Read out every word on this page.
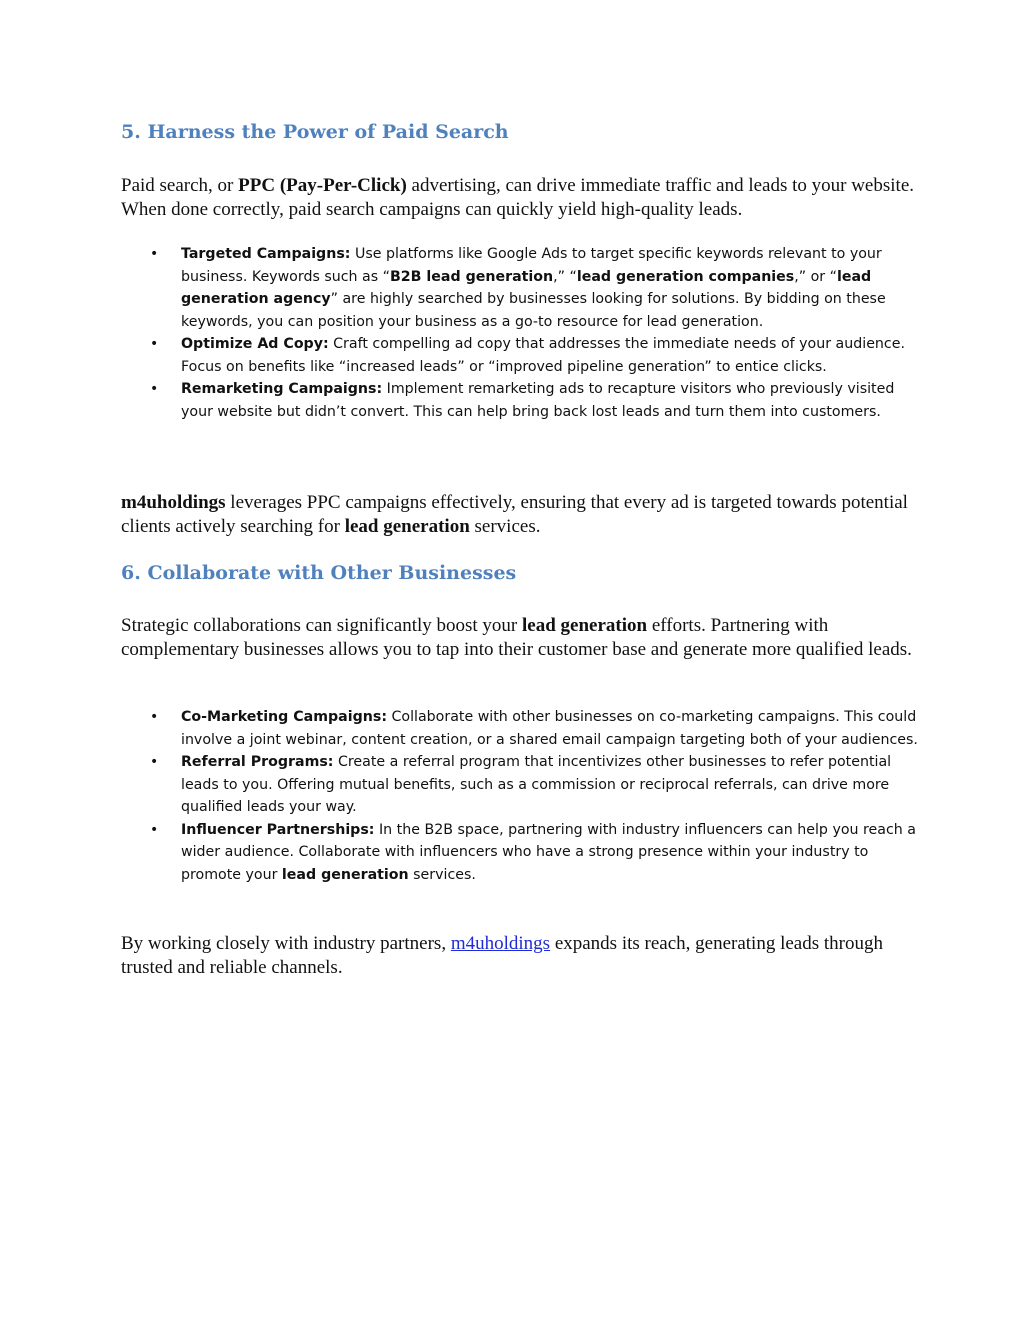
5. Harness the Power of Paid Search

Paid search, or PPC (Pay-Per-Click) advertising, can drive immediate traffic and leads to your website. When done correctly, paid search campaigns can quickly yield high-quality leads.

• Targeted Campaigns: Use platforms like Google Ads to target specific keywords relevant to your business. Keywords such as “B2B lead generation,” “lead generation companies,” or “lead generation agency” are highly searched by businesses looking for solutions. By bidding on these keywords, you can position your business as a go-to resource for lead generation.
• Optimize Ad Copy: Craft compelling ad copy that addresses the immediate needs of your audience. Focus on benefits like “increased leads” or “improved pipeline generation” to entice clicks.
• Remarketing Campaigns: Implement remarketing ads to recapture visitors who previously visited your website but didn’t convert. This can help bring back lost leads and turn them into customers.

m4uholdings leverages PPC campaigns effectively, ensuring that every ad is targeted towards potential clients actively searching for lead generation services.

6. Collaborate with Other Businesses

Strategic collaborations can significantly boost your lead generation efforts. Partnering with complementary businesses allows you to tap into their customer base and generate more qualified leads.

• Co-Marketing Campaigns: Collaborate with other businesses on co-marketing campaigns. This could involve a joint webinar, content creation, or a shared email campaign targeting both of your audiences.
• Referral Programs: Create a referral program that incentivizes other businesses to refer potential leads to you. Offering mutual benefits, such as a commission or reciprocal referrals, can drive more qualified leads your way.
• Influencer Partnerships: In the B2B space, partnering with industry influencers can help you reach a wider audience. Collaborate with influencers who have a strong presence within your industry to promote your lead generation services.

By working closely with industry partners, m4uholdings expands its reach, generating leads through trusted and reliable channels.
